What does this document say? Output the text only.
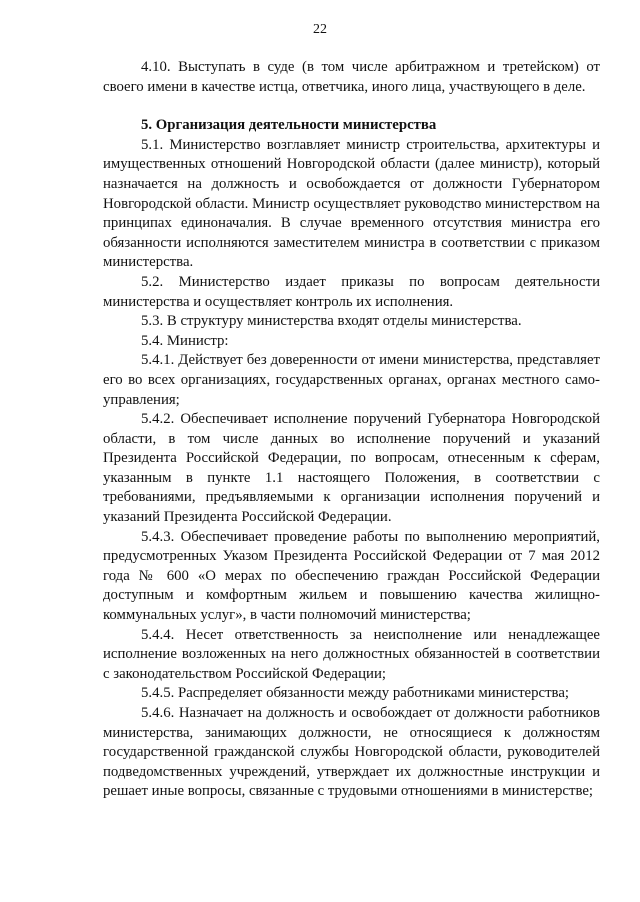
22

4.10. Выступать в суде (в том числе арбитражном и третейском) от своего имени в качестве истца, ответчика, иного лица, участвующего в деле.

5. Организация деятельности министерства

5.1. Министерство возглавляет министр строительства, архитектуры и имущественных отношений Новгородской области (далее министр), который назначается на должность и освобождается от должности Губернатором Новгородской области. Министр осуществляет руководство министерством на принципах единоначалия. В случае временного отсутствия министра его обязанности исполняются заместителем министра в соответствии с приказом министерства.

5.2. Министерство издает приказы по вопросам деятельности министерства и осуществляет контроль их исполнения.

5.3. В структуру министерства входят отделы министерства.

5.4. Министр:

5.4.1. Действует без доверенности от имени министерства, представляет его во всех организациях, государственных органах, органах местного само-управления;

5.4.2. Обеспечивает исполнение поручений Губернатора Новгородской области, в том числе данных во исполнение поручений и указаний Президента Российской Федерации, по вопросам, отнесенным к сферам, указанным в пункте 1.1 настоящего Положения, в соответствии с требованиями, предъявляемыми к организации исполнения поручений и указаний Президента Российской Федерации.

5.4.3. Обеспечивает проведение работы по выполнению мероприятий, предусмотренных Указом Президента Российской Федерации от 7 мая 2012 года № 600 «О мерах по обеспечению граждан Российской Федерации доступным и комфортным жильем и повышению качества жилищно-коммунальных услуг», в части полномочий министерства;

5.4.4. Несет ответственность за неисполнение или ненадлежащее исполнение возложенных на него должностных обязанностей в соответствии с законодательством Российской Федерации;

5.4.5. Распределяет обязанности между работниками министерства;

5.4.6. Назначает на должность и освобождает от должности работников министерства, занимающих должности, не относящиеся к должностям государственной гражданской службы Новгородской области, руководителей подведомственных учреждений, утверждает их должностные инструкции и решает иные вопросы, связанные с трудовыми отношениями в министерстве;
